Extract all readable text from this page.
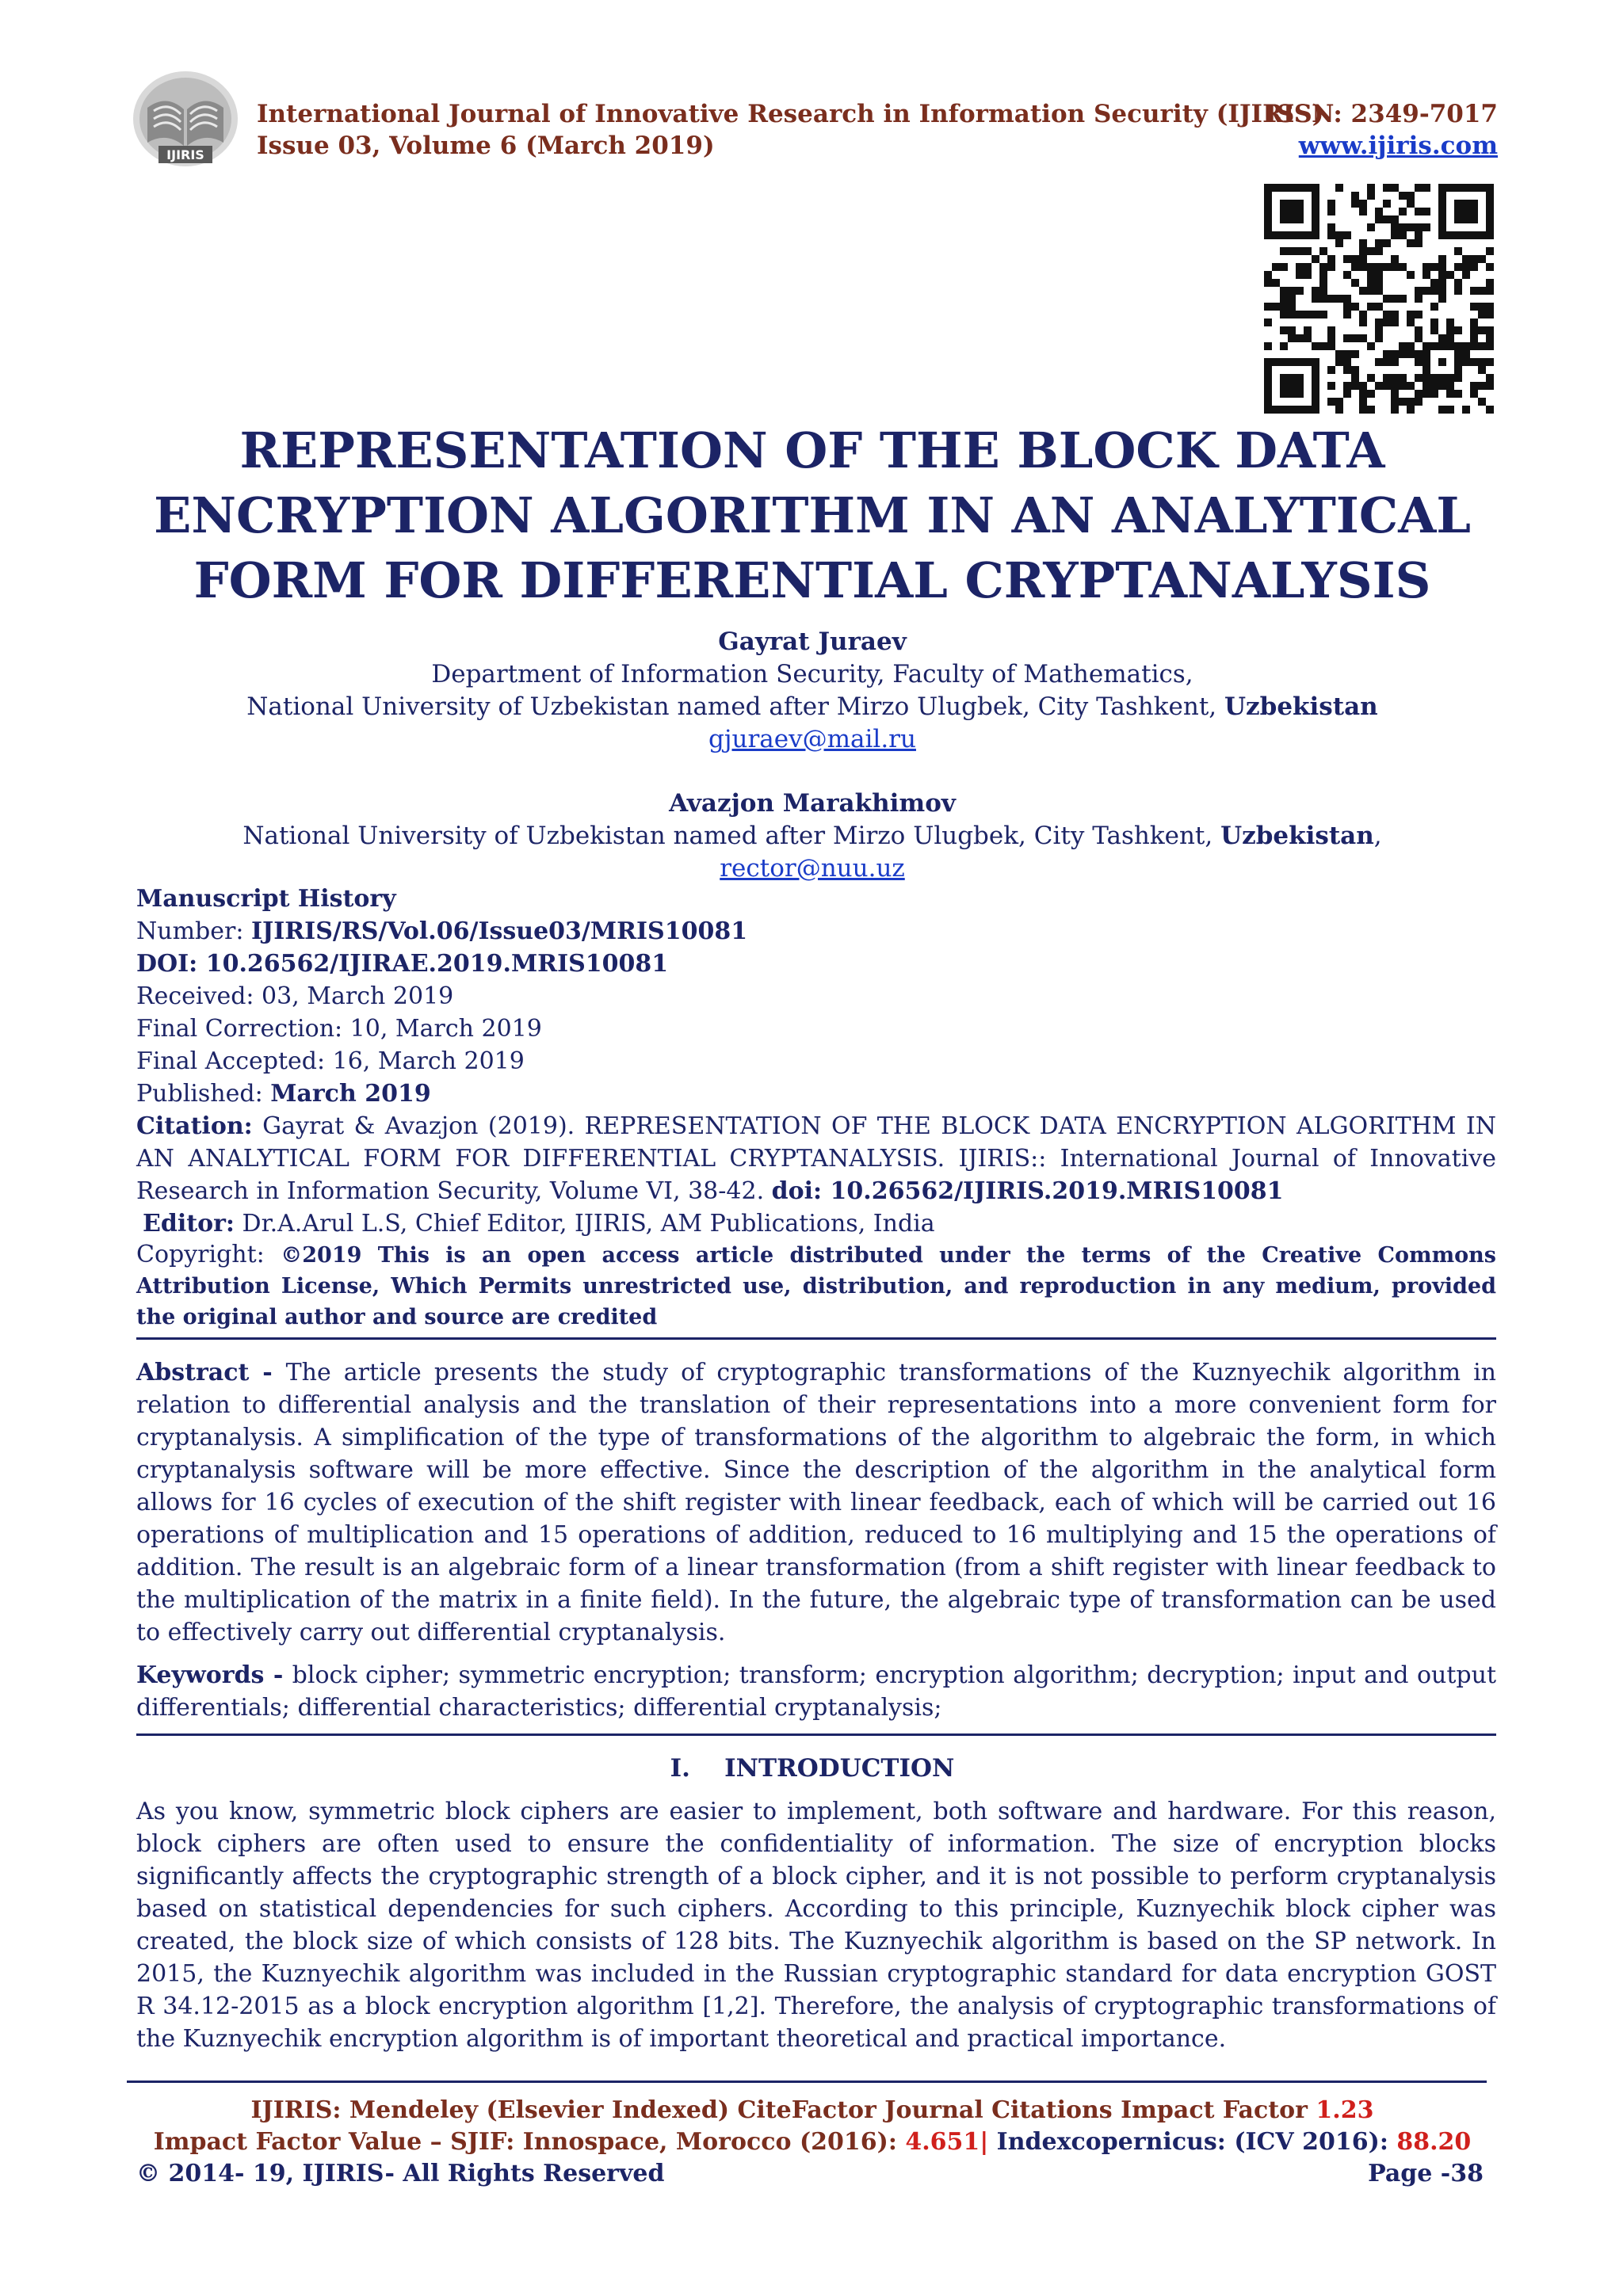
IJIRIS
International Journal of Innovative Research in Information Security (IJIRIS)
Issue 03, Volume 6 (March 2019)
ISSN: 2349-7017
www.ijiris.com
REPRESENTATION OF THE BLOCK DATA ENCRYPTION ALGORITHM IN AN ANALYTICAL FORM FOR DIFFERENTIAL CRYPTANALYSIS
Gayrat Juraev
Department of Information Security, Faculty of Mathematics,
National University of Uzbekistan named after Mirzo Ulugbek, City Tashkent, Uzbekistan
gjuraev@mail.ru
Avazjon Marakhimov
National University of Uzbekistan named after Mirzo Ulugbek, City Tashkent, Uzbekistan,
rector@nuu.uz
Manuscript History
Number: IJIRIS/RS/Vol.06/Issue03/MRIS10081
DOI: 10.26562/IJIRAE.2019.MRIS10081
Received: 03, March 2019
Final Correction: 10, March 2019
Final Accepted: 16, March 2019
Published: March 2019
Citation: Gayrat & Avazjon (2019). REPRESENTATION OF THE BLOCK DATA ENCRYPTION ALGORITHM IN AN ANALYTICAL FORM FOR DIFFERENTIAL CRYPTANALYSIS. IJIRIS:: International Journal of Innovative Research in Information Security, Volume VI, 38-42. doi: 10.26562/IJIRIS.2019.MRIS10081
Editor: Dr.A.Arul L.S, Chief Editor, IJIRIS, AM Publications, India
Copyright: ©2019 This is an open access article distributed under the terms of the Creative Commons Attribution License, Which Permits unrestricted use, distribution, and reproduction in any medium, provided the original author and source are credited
Abstract - The article presents the study of cryptographic transformations of the Kuznyechik algorithm in relation to differential analysis and the translation of their representations into a more convenient form for cryptanalysis. A simplification of the type of transformations of the algorithm to algebraic the form, in which cryptanalysis software will be more effective. Since the description of the algorithm in the analytical form allows for 16 cycles of execution of the shift register with linear feedback, each of which will be carried out 16 operations of multiplication and 15 operations of addition, reduced to 16 multiplying and 15 the operations of addition. The result is an algebraic form of a linear transformation (from a shift register with linear feedback to the multiplication of the matrix in a finite field). In the future, the algebraic type of transformation can be used to effectively carry out differential cryptanalysis.
Keywords - block cipher; symmetric encryption; transform; encryption algorithm; decryption; input and output differentials; differential characteristics; differential cryptanalysis;
I.    INTRODUCTION
As you know, symmetric block ciphers are easier to implement, both software and hardware. For this reason, block ciphers are often used to ensure the confidentiality of information. The size of encryption blocks significantly affects the cryptographic strength of a block cipher, and it is not possible to perform cryptanalysis based on statistical dependencies for such ciphers. According to this principle, Kuznyechik block cipher was created, the block size of which consists of 128 bits. The Kuznyechik algorithm is based on the SP network. In 2015, the Kuznyechik algorithm was included in the Russian cryptographic standard for data encryption GOST R 34.12-2015 as a block encryption algorithm [1,2]. Therefore, the analysis of cryptographic transformations of the Kuznyechik encryption algorithm is of important theoretical and practical importance.
IJIRIS: Mendeley (Elsevier Indexed) CiteFactor Journal Citations Impact Factor 1.23
Impact Factor Value – SJIF: Innospace, Morocco (2016): 4.651| Indexcopernicus: (ICV 2016): 88.20
© 2014- 19, IJIRIS- All Rights Reserved	Page -38
